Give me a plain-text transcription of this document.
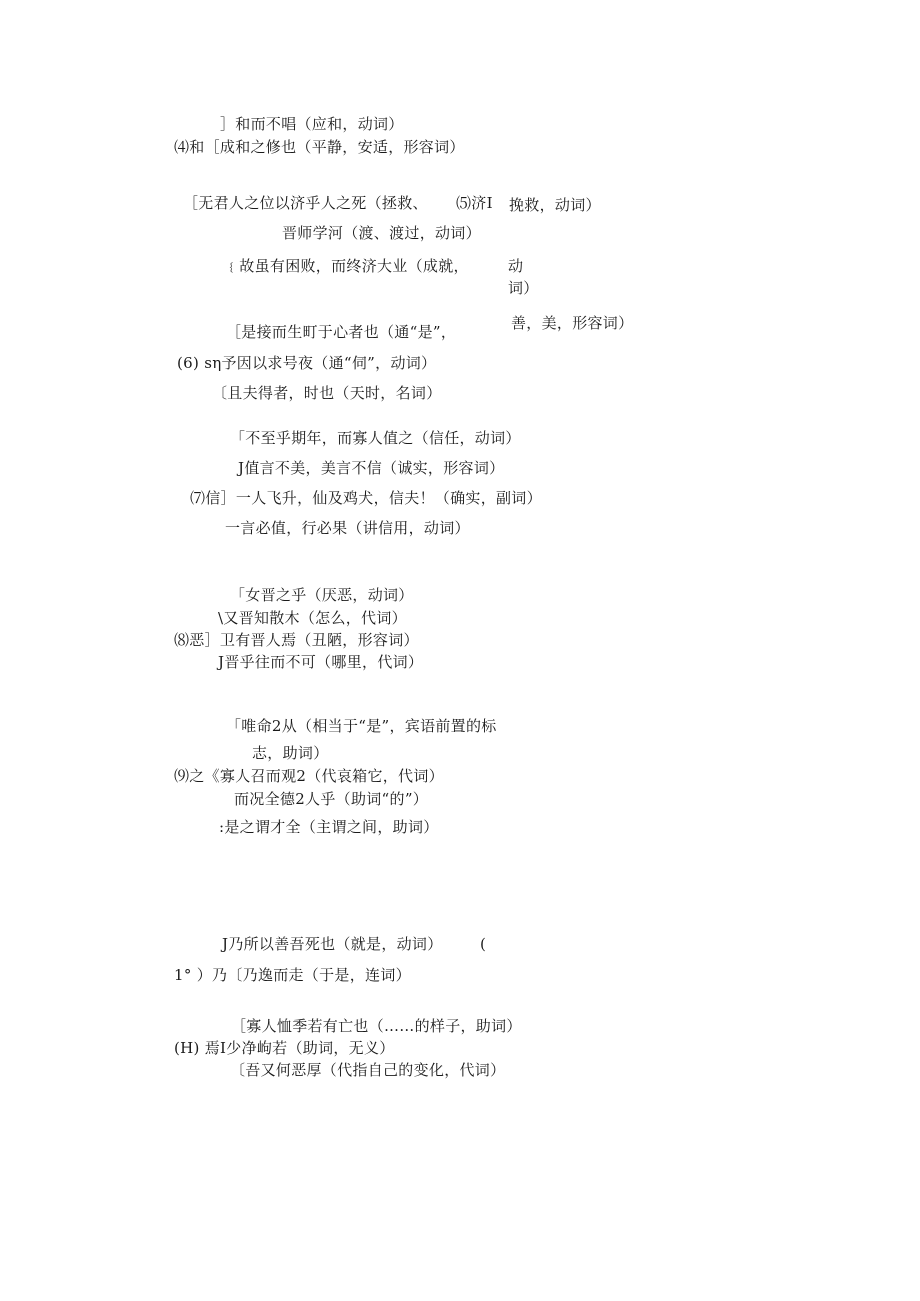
］和而不唱（应和，动词）
⑷和［成和之修也（平静，安适，形容词）
［无君人之位以济乎人之死（拯救、 ⑸济I 挽救，动词）
晋师学河（渡、渡过，动词）
﹛故虽有困败，而终济大业（成就，	动
词）
善，美，形容词）
［是接而生町于心者也（通“是”，
(6) sη予因以求号夜（通“伺”，动词）
〔且夫得者，时也（天时，名词）
「不至乎期年，而寡人值之（信任，动词）
J值言不美，美言不信（诚实，形容词）
⑺信］一人飞升，仙及鸡犬，信夫！（确实，副词）
一言必值，行必果（讲信用，动词）
「女晋之乎（厌恶，动词）
\又晋知散木（怎么，代词）
⑻恶］卫有晋人焉（丑陋，形容词）
J晋乎往而不可（哪里，代词）
「唯命2从（相当于“是”，宾语前置的标
志，助词）
⑼之《寡人召而观2（代哀箱它，代词）
而况全德2人乎（助词“的”）
:是之谓才全（主谓之间，助词）
J乃所以善吾死也（就是，动词） (
1° ）乃〔乃逸而走（于是，连词）
［寡人恤季若有亡也（……的样子，助词）
(H) 焉I少净岣若（助词，无义）
〔吾又何恶厚（代指自己的变化，代词）
